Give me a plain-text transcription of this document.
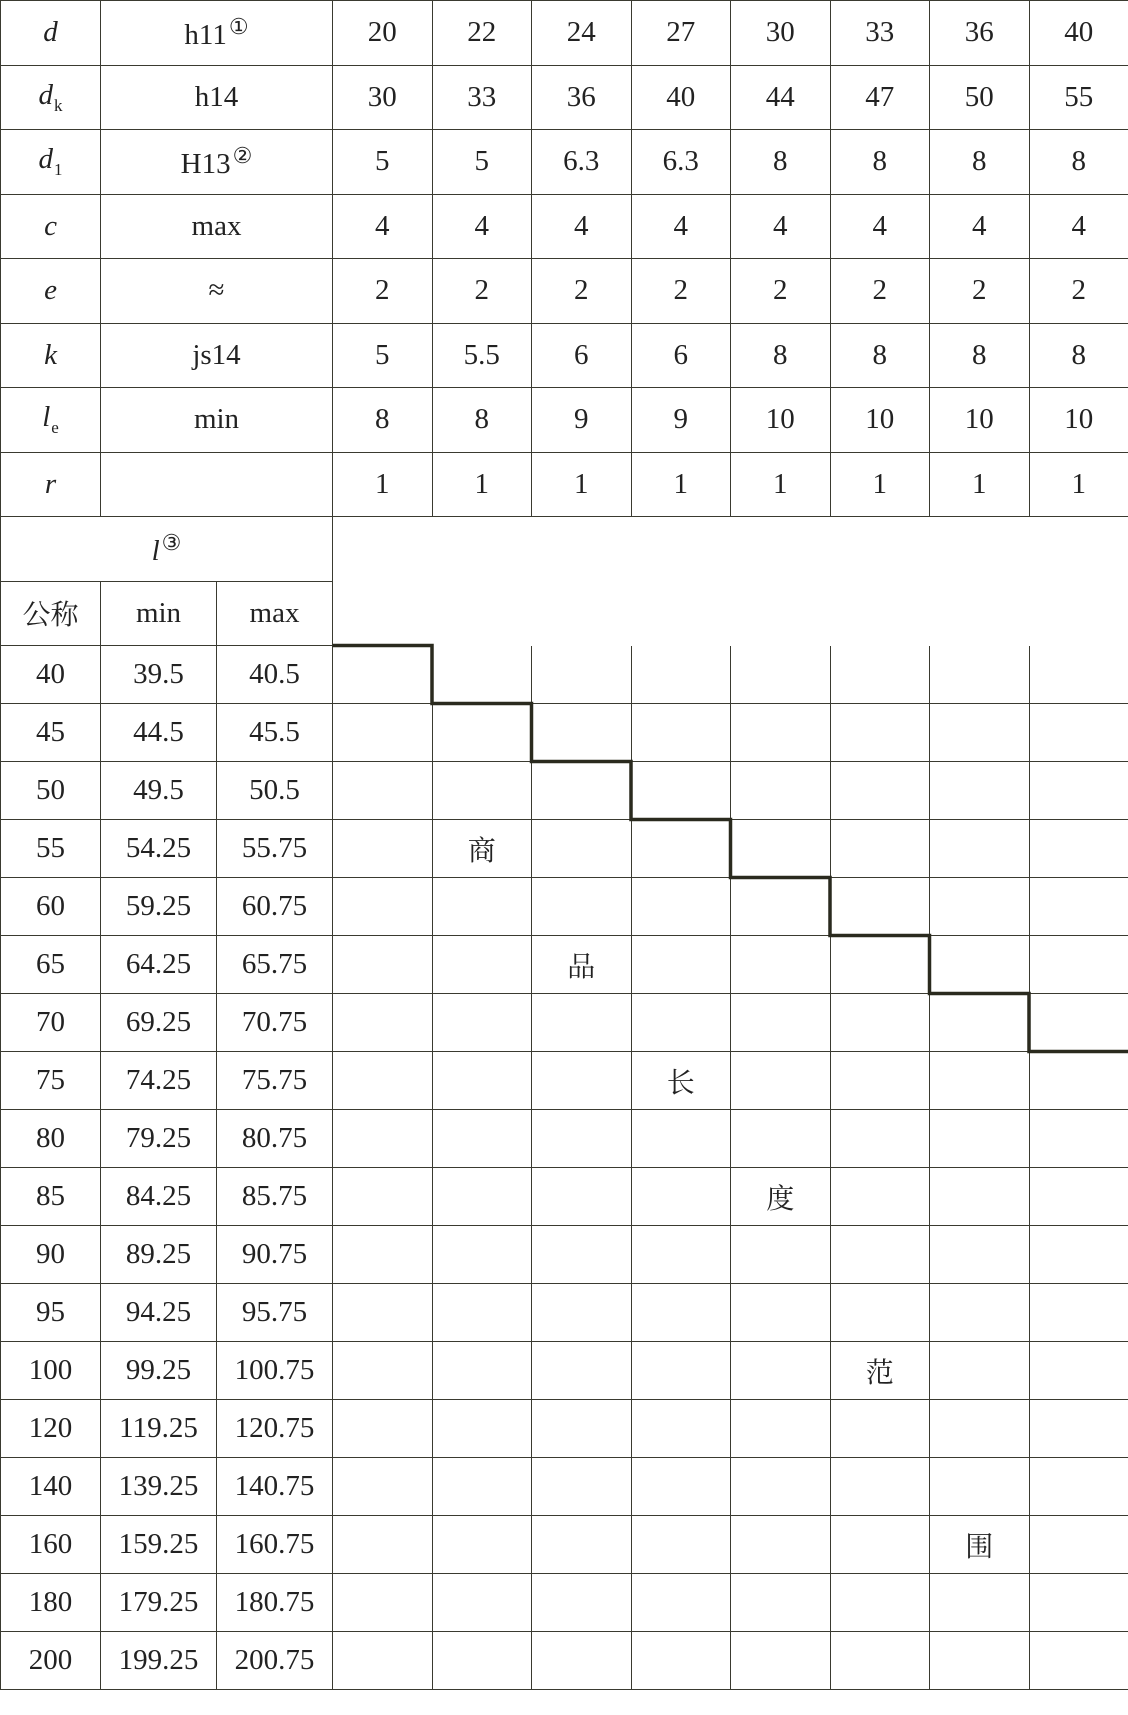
d	h11①		20	22	24	27	30	33	36	40
$d_k$	h14		30	33	36	40	44	47	50	55
$d_1$	H13②		5	5	6.3	6.3	8	8	8	8
c	max		4	4	4	4	4	4	4	4
e	≈		2	2	2	2	2	2	2	2
k	js14		5	5.5	6	6	8	8	8	8
$l_e$	min		8	8	9	9	10	10	10	10
r			1	1	1	1	1	1	1	1
l③	
公称	min	max								
40	39.5	40.5								
45	44.5	45.5								
50	49.5	50.5								
55	54.25	55.75		商						
60	59.25	60.75								
65	64.25	65.75			品					
70	69.25	70.75								
75	74.25	75.75				长				
80	79.25	80.75								
85	84.25	85.75					度			
90	89.25	90.75								
95	94.25	95.75								
100	99.25	100.75						范		
120	119.25	120.75								
140	139.25	140.75								
160	159.25	160.75							围	
180	179.25	180.75								
200	199.25	200.75								
